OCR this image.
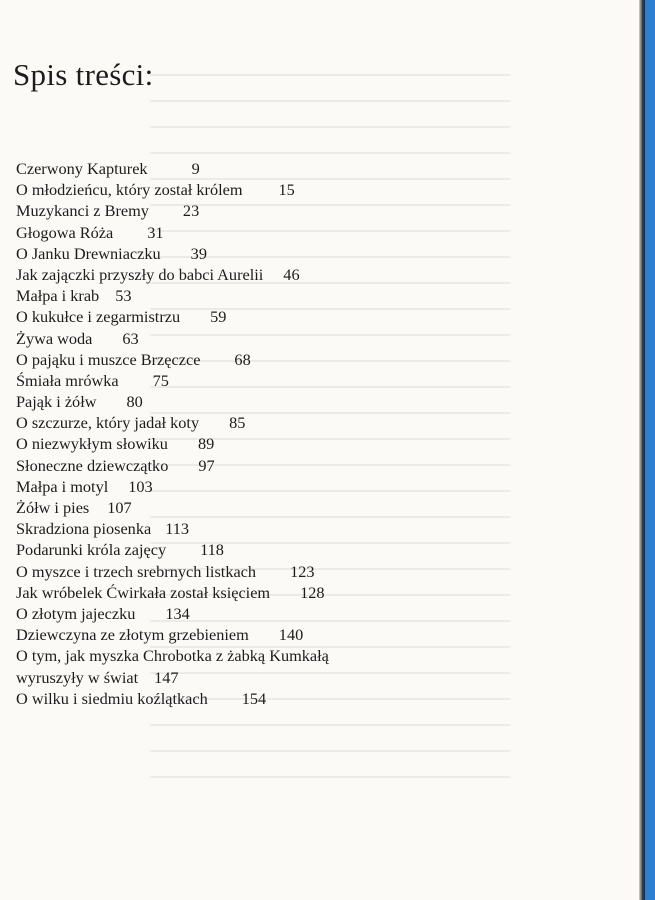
Spis treści:
Czerwony Kapturek	9
O młodzieńcu, który został królem 15
Muzykanci z Bremy 23
Głogowa Róża 31
O Janku Drewniaczku 39
Jak zajączki przyszły do babci Aurelii 46
Małpa i krab 53
O kukułce i zegarmistrzu 59
Żywa woda 63
O pająku i muszce Brzęczce 68
Śmiała mrówka 75
Pająk i żółw 80
O szczurze, który jadał koty 85
O niezwykłym słowiku 89
Słoneczne dziewczątko 97
Małpa i motyl 103
Żółw i pies 107
Skradziona piosenka 113
Podarunki króla zajęcy 118
O myszce i trzech srebrnych listkach 123
Jak wróbelek Ćwirkała został księciem 128
O złotym jajeczku 134
Dziewczyna ze złotym grzebieniem 140
O tym, jak myszka Chrobotka z żabką Kumkałą
wyruszyły w świat 147
O wilku i siedmiu koźlątkach 154
